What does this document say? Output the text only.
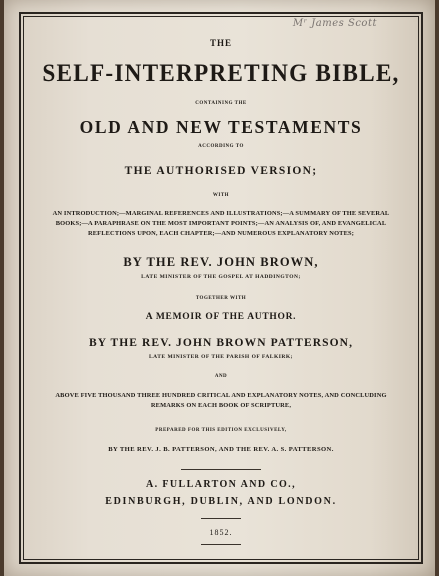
Mʳ James Scott
THE
SELF-INTERPRETING BIBLE,
CONTAINING THE
OLD AND NEW TESTAMENTS
ACCORDING TO
THE AUTHORISED VERSION;
WITH
AN INTRODUCTION;—MARGINAL REFERENCES AND ILLUSTRATIONS;—A SUMMARY OF THE SEVERAL BOOKS;—A PARAPHRASE ON THE MOST IMPORTANT POINTS;—AN ANALYSIS OF, AND EVANGELICAL REFLECTIONS UPON, EACH CHAPTER;—AND NUMEROUS EXPLANATORY NOTES;
BY THE REV. JOHN BROWN,
LATE MINISTER OF THE GOSPEL AT HADDINGTON;
TOGETHER WITH
A MEMOIR OF THE AUTHOR.
BY THE REV. JOHN BROWN PATTERSON,
LATE MINISTER OF THE PARISH OF FALKIRK;
AND
ABOVE FIVE THOUSAND THREE HUNDRED CRITICAL AND EXPLANATORY NOTES, AND CONCLUDING REMARKS ON EACH BOOK OF SCRIPTURE,
PREPARED FOR THIS EDITION EXCLUSIVELY,
BY THE REV. J. B. PATTERSON, AND THE REV. A. S. PATTERSON.
A. FULLARTON AND CO.,
EDINBURGH, DUBLIN, AND LONDON.
1852.
